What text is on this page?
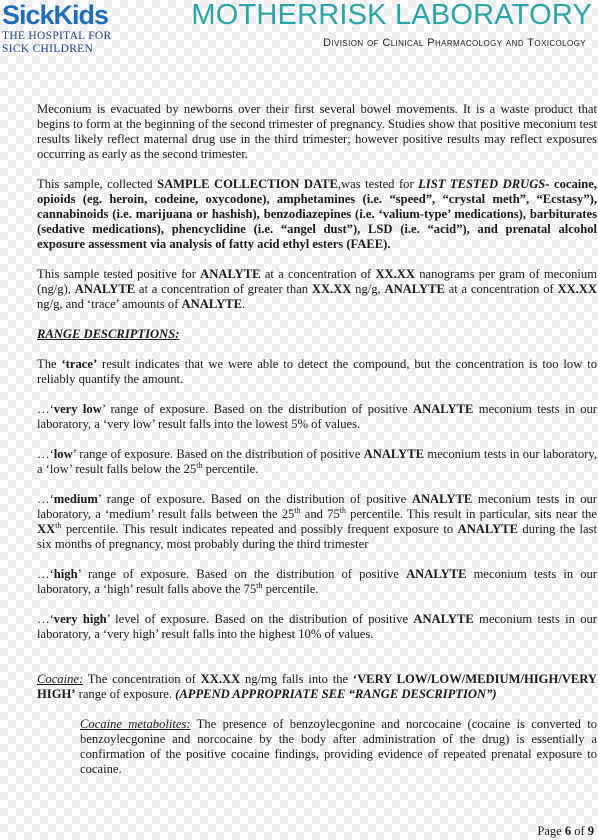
SickKids
THE HOSPITAL FOR
SICK CHILDREN
MOTHERRISK LABORATORY
Division of Clinical Pharmacology and Toxicology

Meconium is evacuated by newborns over their first several bowel movements. It is a waste product that begins to form at the beginning of the second trimester of pregnancy. Studies show that positive meconium test results likely reflect maternal drug use in the third trimester; however positive results may reflect exposures occurring as early as the second trimester.

This sample, collected SAMPLE COLLECTION DATE,was tested for LIST TESTED DRUGS- cocaine, opioids (eg. heroin, codeine, oxycodone), amphetamines (i.e. “speed”, “crystal meth”, “Ecstasy”), cannabinoids (i.e. marijuana or hashish), benzodiazepines (i.e. ‘valium-type’ medications), barbiturates (sedative medications), phencyclidine (i.e. “angel dust”), LSD (i.e. “acid”), and prenatal alcohol exposure assessment via analysis of fatty acid ethyl esters (FAEE).

This sample tested positive for ANALYTE at a concentration of XX.XX nanograms per gram of meconium (ng/g), ANALYTE at a concentration of greater than XX.XX ng/g, ANALYTE at a concentration of XX.XX ng/g, and ‘trace’ amounts of ANALYTE.

RANGE DESCRIPTIONS:

The ‘trace’ result indicates that we were able to detect the compound, but the concentration is too low to reliably quantify the amount.

…‘very low’ range of exposure. Based on the distribution of positive ANALYTE meconium tests in our laboratory, a ‘very low’ result falls into the lowest 5% of values.

…‘low’ range of exposure. Based on the distribution of positive ANALYTE meconium tests in our laboratory, a ‘low’ result falls below the 25th percentile.

…‘medium’ range of exposure. Based on the distribution of positive ANALYTE meconium tests in our laboratory, a ‘medium’ result falls between the 25th and 75th percentile. This result in particular, sits near the XXth percentile. This result indicates repeated and possibly frequent exposure to ANALYTE during the last six months of pregnancy, most probably during the third trimester

…‘high’ range of exposure. Based on the distribution of positive ANALYTE meconium tests in our laboratory, a ‘high’ result falls above the 75th percentile.

…‘very high’ level of exposure. Based on the distribution of positive ANALYTE meconium tests in our laboratory, a ‘very high’ result falls into the highest 10% of values.

Cocaine: The concentration of XX.XX ng/mg falls into the ‘VERY LOW/LOW/MEDIUM/HIGH/VERY HIGH’ range of exposure. (APPEND APPROPRIATE SEE “RANGE DESCRIPTION”)

Cocaine metabolites: The presence of benzoylecgonine and norcocaine (cocaine is converted to benzoylecgonine and norcocaine by the body after administration of the drug) is essentially a confirmation of the positive cocaine findings, providing evidence of repeated prenatal exposure to cocaine.

Page 6 of 9
